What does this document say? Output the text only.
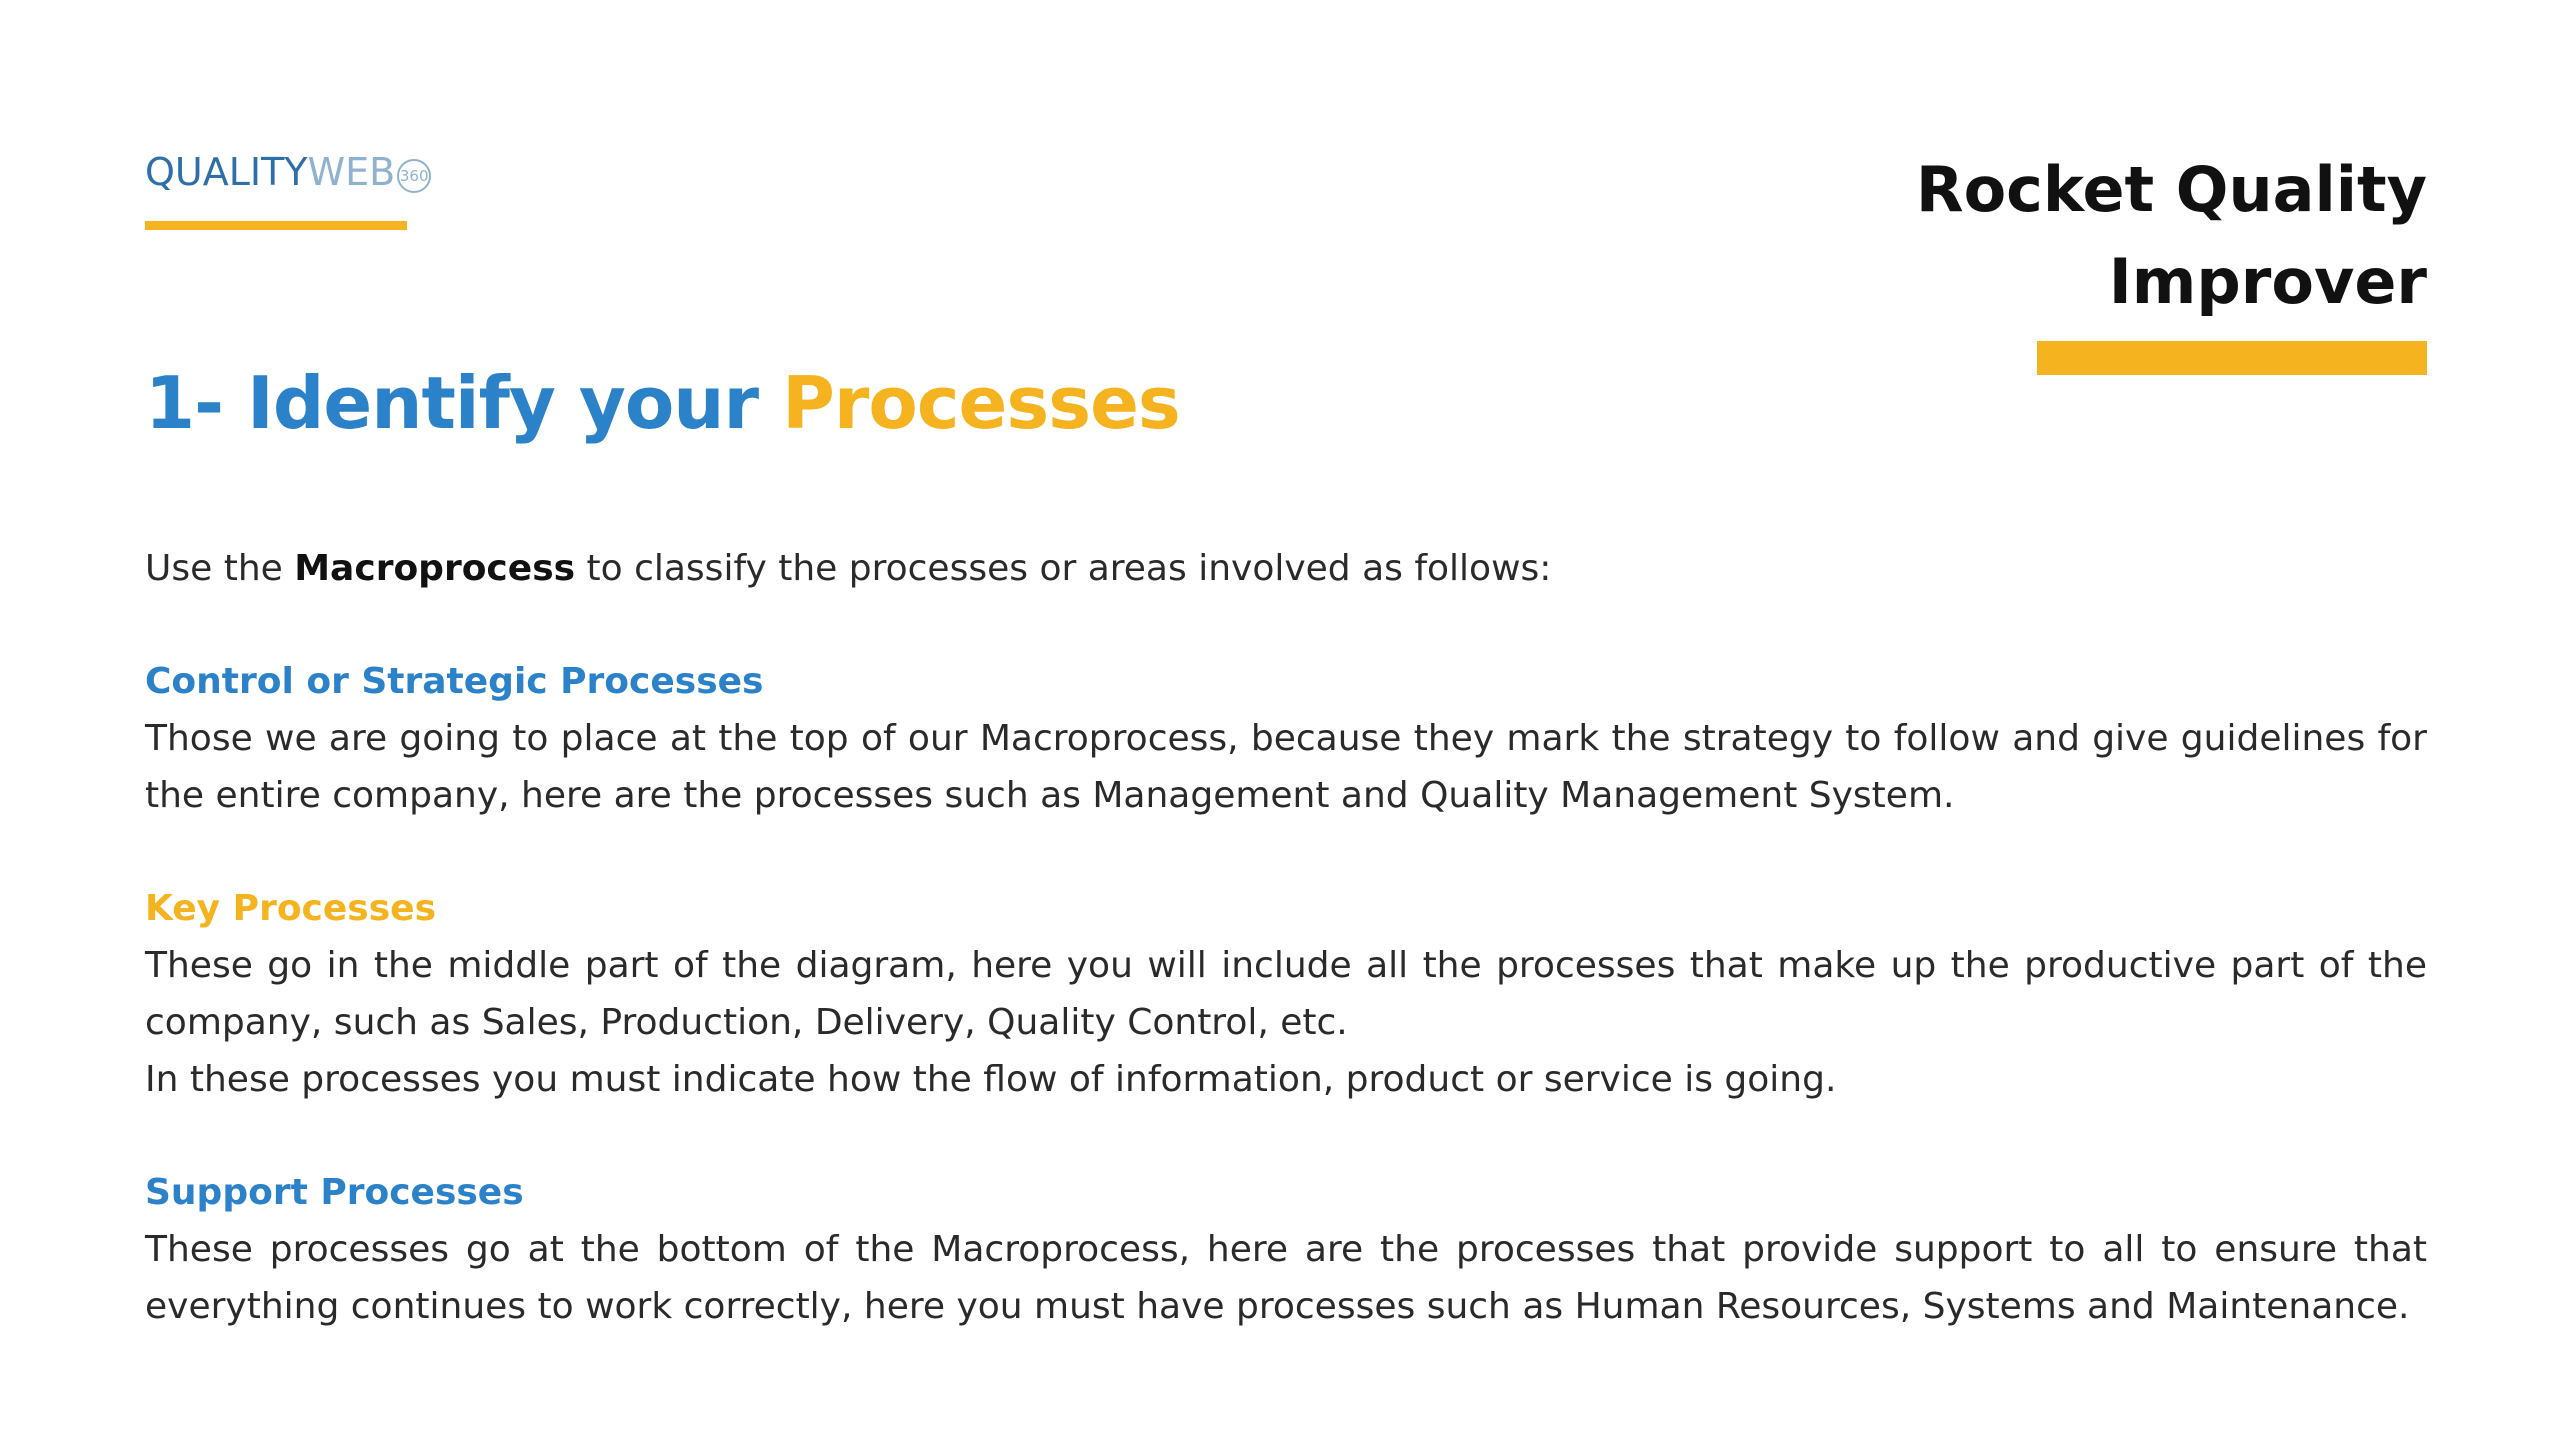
QUALITYWEB 360	Rocket Quality
Improver
1- Identify your Processes

Use the Macroprocess to classify the processes or areas involved as follows:

Control or Strategic Processes

Those we are going to place at the top of our Macroprocess, because they mark the strategy to follow and give guidelines for the entire company, here are the processes such as Management and Quality Management System.

Key Processes

These go in the middle part of the diagram, here you will include all the processes that make up the productive part of the company, such as Sales, Production, Delivery, Quality Control, etc.

In these processes you must indicate how the flow of information, product or service is going.

Support Processes

These processes go at the bottom of the Macroprocess, here are the processes that provide support to all to ensure that everything continues to work correctly, here you must have processes such as Human Resources, Systems and Maintenance.
